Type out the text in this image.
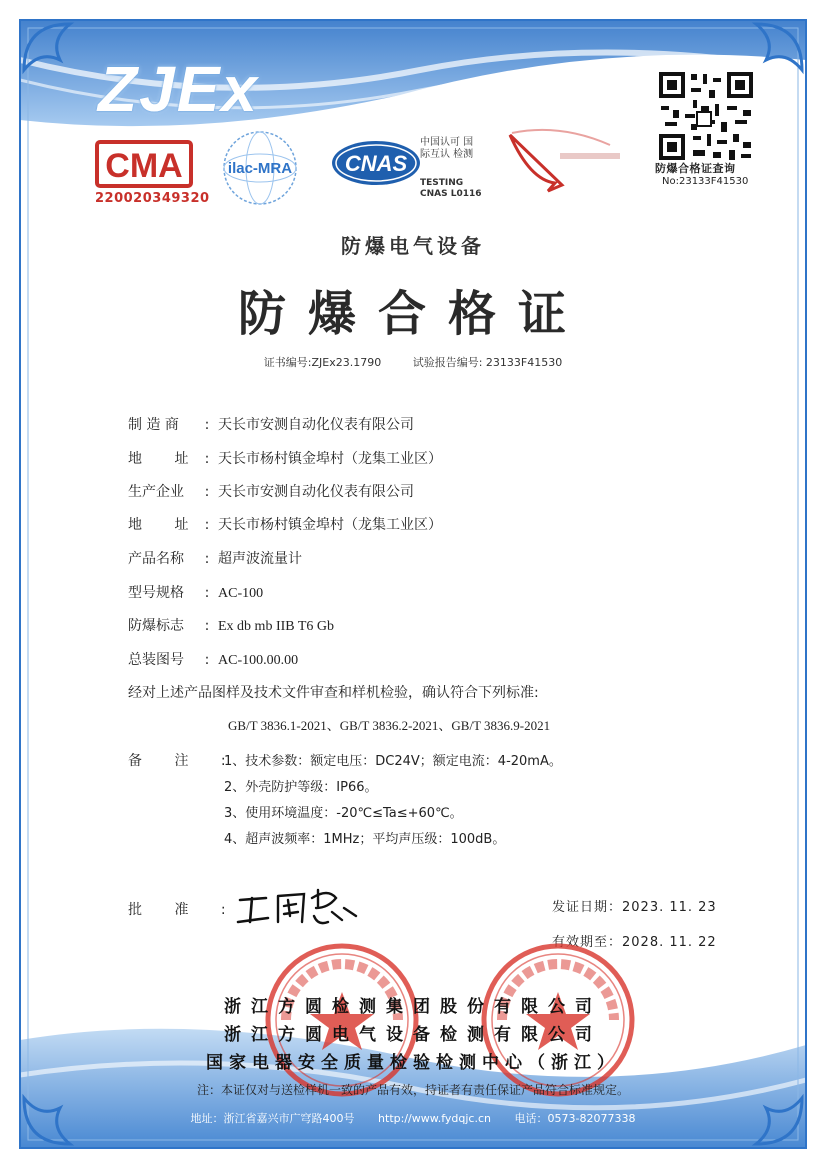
ZJEx
CMA
220020349320
ilac-MRA CNAS
中国认可 国际互认 检测
TESTING
CNAS L0116
防爆合格证查询
No:23133F41530
防爆电气设备
防爆合格证
证书编号:ZJEx23.1790	试验报告编号: 23133F41530
制 造 商 : 天长市安测自动化仪表有限公司
地 址 : 天长市杨村镇金埠村（龙集工业区）
生产企业 : 天长市安测自动化仪表有限公司
地 址 : 天长市杨村镇金埠村（龙集工业区）
产品名称 : 超声波流量计
型号规格 : AC-100
防爆标志 : Ex db mb IIB T6 Gb
总装图号 : AC-100.00.00
经对上述产品图样及技术文件审查和样机检验，确认符合下列标准:
GB/T 3836.1-2021、GB/T 3836.2-2021、GB/T 3836.9-2021
备 注 :
1、技术参数：额定电压：DC24V；额定电流：4-20mA。
2、外壳防护等级：IP66。
3、使用环境温度：-20℃≤Ta≤+60℃。
4、超声波频率：1MHz；平均声压级：100dB。
批 准 :	发证日期：2023. 11. 23
有效期至：2028. 11. 22
浙江方圆检测集团股份有限公司
浙江方圆电气设备检测有限公司
国家电器安全质量检验检测中心（浙江）
注：本证仅对与送检样机一致的产品有效，持证者有责任保证产品符合标准规定。
地址：浙江省嘉兴市广穹路400号 http://www.fydqjc.cn 电话：0573-82077338
